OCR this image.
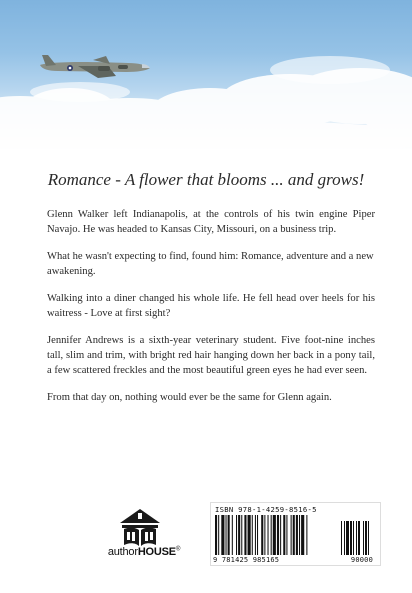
Romance - A flower that blooms ... and grows!

Glenn Walker left Indianapolis, at the controls of his twin engine Piper Navajo. He was headed to Kansas City, Missouri, on a business trip.

What he wasn't expecting to find, found him: Romance, adventure and a new awakening.

Walking into a diner changed his whole life. He fell head over heels for his waitress - Love at first sight?

Jennifer Andrews is a sixth-year veterinary student. Five foot-nine inches tall, slim and trim, with bright red hair hanging down her back in a pony tail, a few scattered freckles and the most beautiful green eyes he had ever seen.

From that day on, nothing would ever be the same for Glenn again.

authorHOUSE®
ISBN 978-1-4259-8516-5
9 781425 985165	90000
